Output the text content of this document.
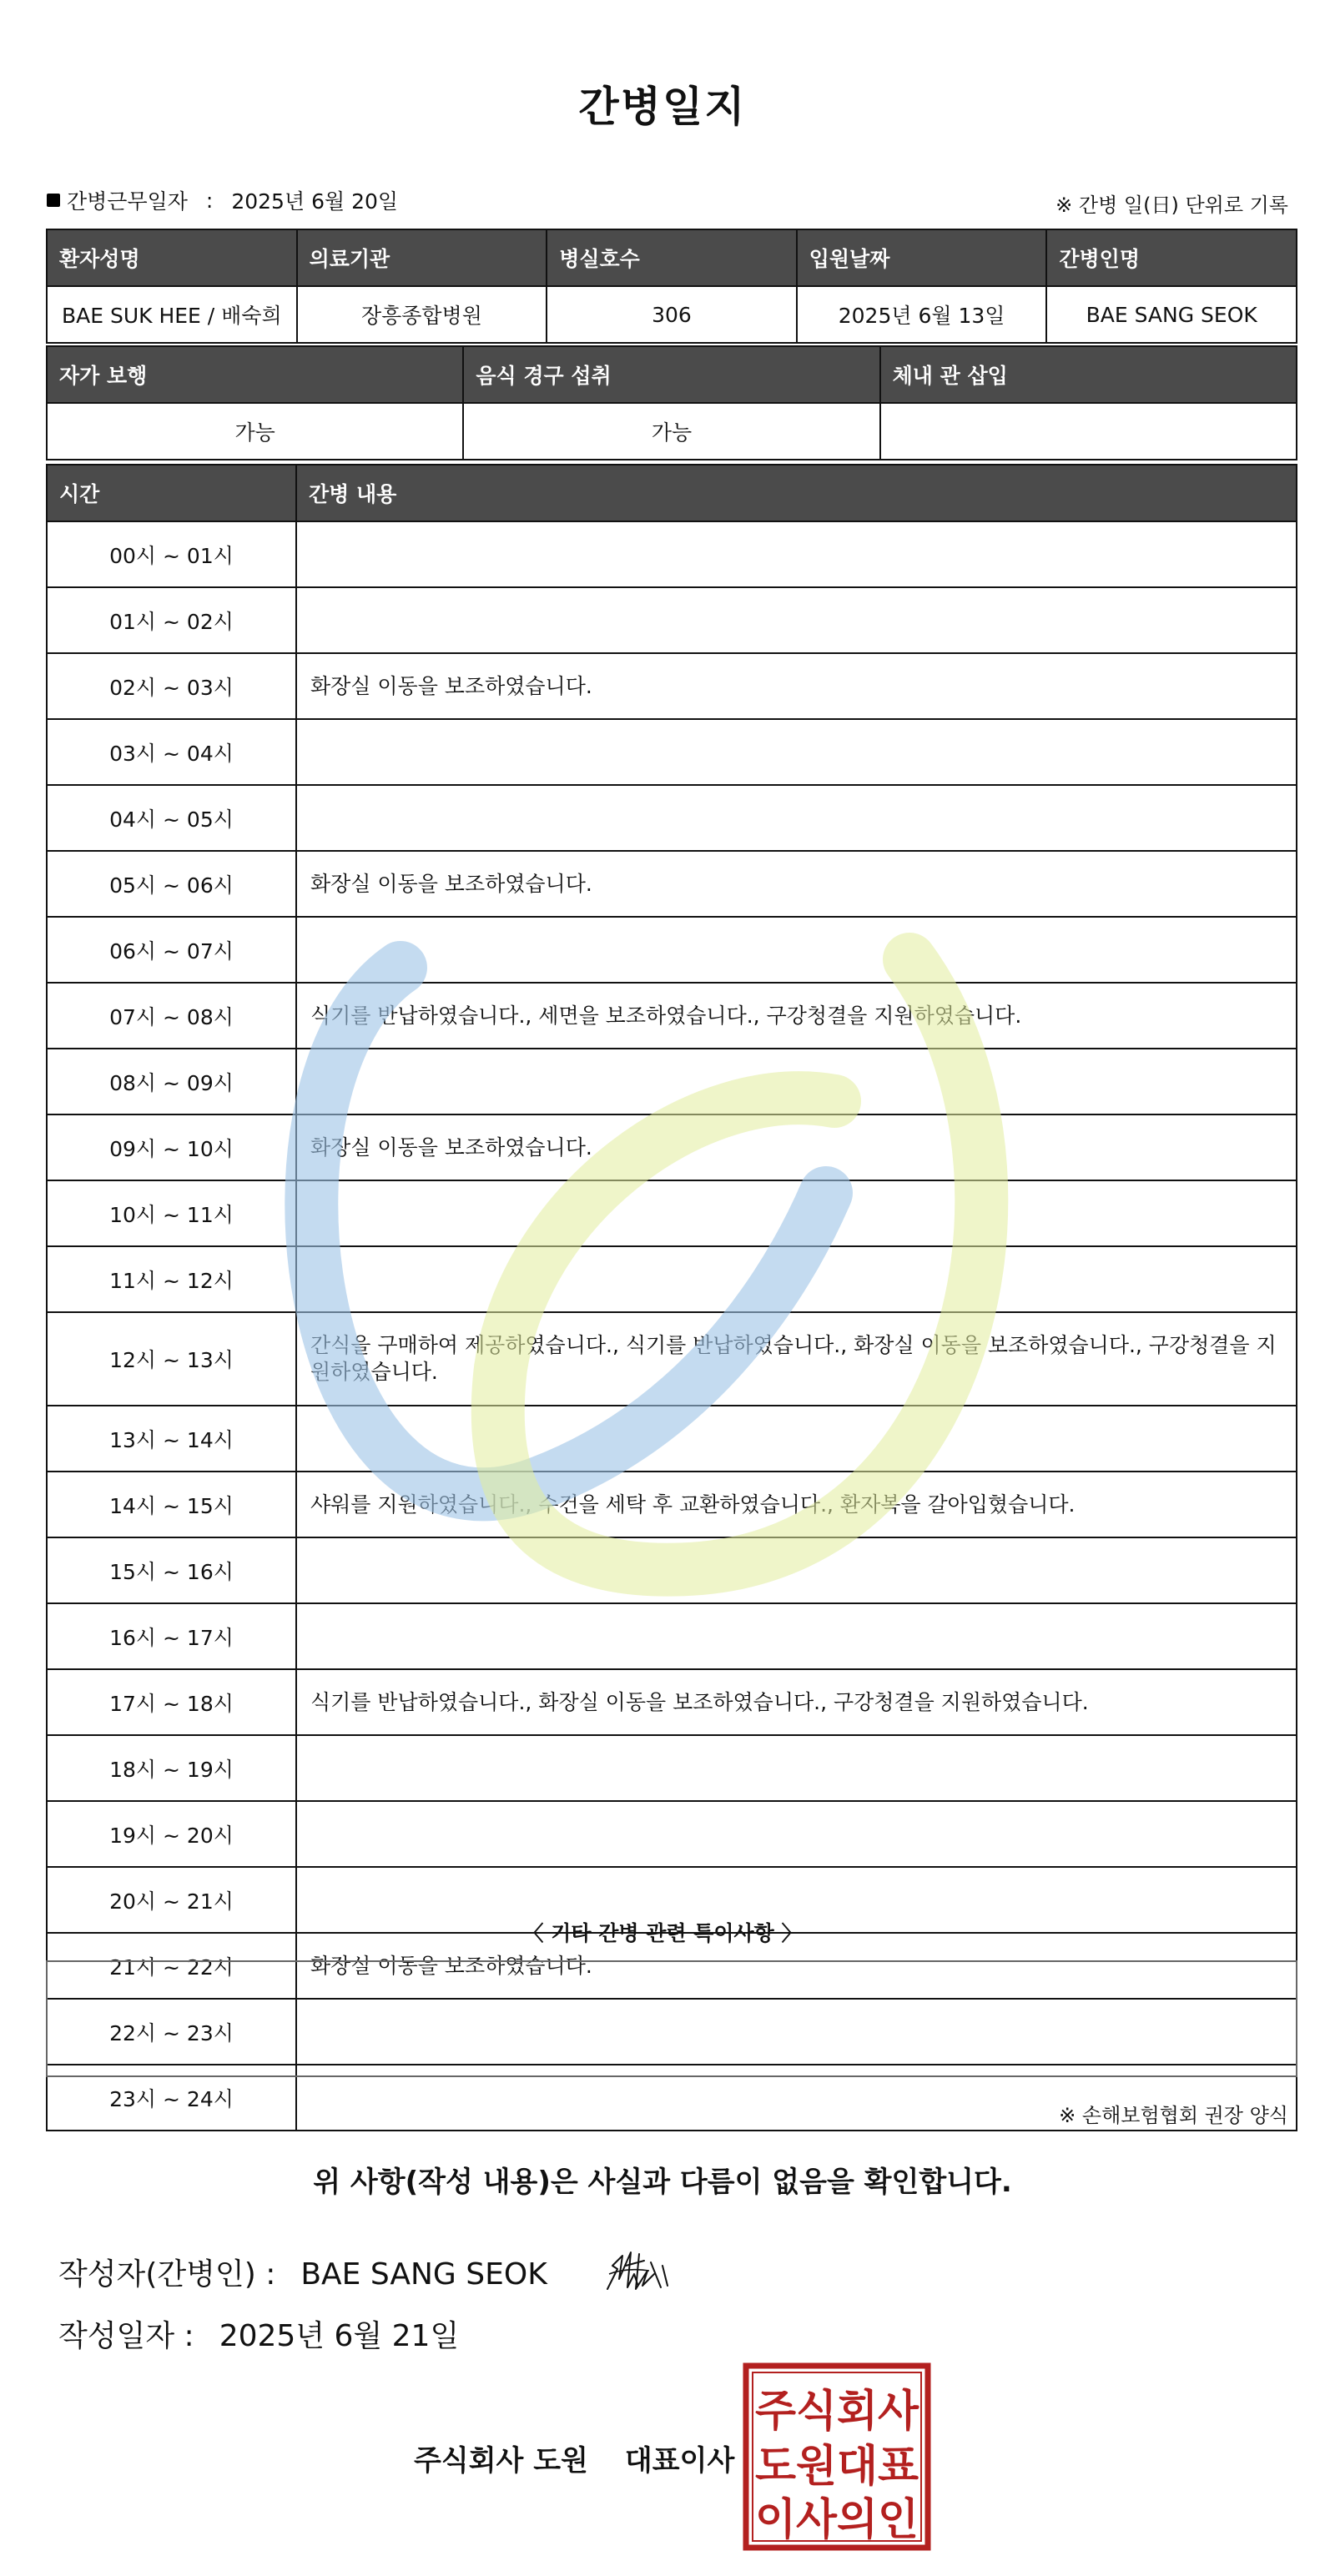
간병일지
간병근무일자 : 2025년 6월 20일	※ 간병 일(日) 단위로 기록
환자성명	의료기관	병실호수	입원날짜	간병인명
BAE SUK HEE / 배숙희	장흥종합병원	306	2025년 6월 13일	BAE SANG SEOK
자가 보행	음식 경구 섭취	체내 관 삽입
가능	가능	
시간	간병 내용
00시 ~ 01시	
01시 ~ 02시	
02시 ~ 03시	화장실 이동을 보조하였습니다.
03시 ~ 04시	
04시 ~ 05시	
05시 ~ 06시	화장실 이동을 보조하였습니다.
06시 ~ 07시	
07시 ~ 08시	식기를 반납하였습니다., 세면을 보조하였습니다., 구강청결을 지원하였습니다.
08시 ~ 09시	
09시 ~ 10시	화장실 이동을 보조하였습니다.
10시 ~ 11시	
11시 ~ 12시	
12시 ~ 13시	간식을 구매하여 제공하였습니다., 식기를 반납하였습니다., 화장실 이동을 보조하였습니다., 구강청결을 지원하였습니다.
13시 ~ 14시	
14시 ~ 15시	샤워를 지원하였습니다., 수건을 세탁 후 교환하였습니다., 환자복을 갈아입혔습니다.
15시 ~ 16시	
16시 ~ 17시	
17시 ~ 18시	식기를 반납하였습니다., 화장실 이동을 보조하였습니다., 구강청결을 지원하였습니다.
18시 ~ 19시	
19시 ~ 20시	
20시 ~ 21시	
21시 ~ 22시	화장실 이동을 보조하였습니다.
22시 ~ 23시	
23시 ~ 24시	
〈 기타 간병 관련 특이사항 〉
※ 손해보험협회 권장 양식
위 사항(작성 내용)은 사실과 다름이 없음을 확인합니다.
작성자(간병인) : BAE SANG SEOK
작성일자 : 2025년 6월 21일
주식회사 도원 대표이사
주식회사
도원대표
이사의인
